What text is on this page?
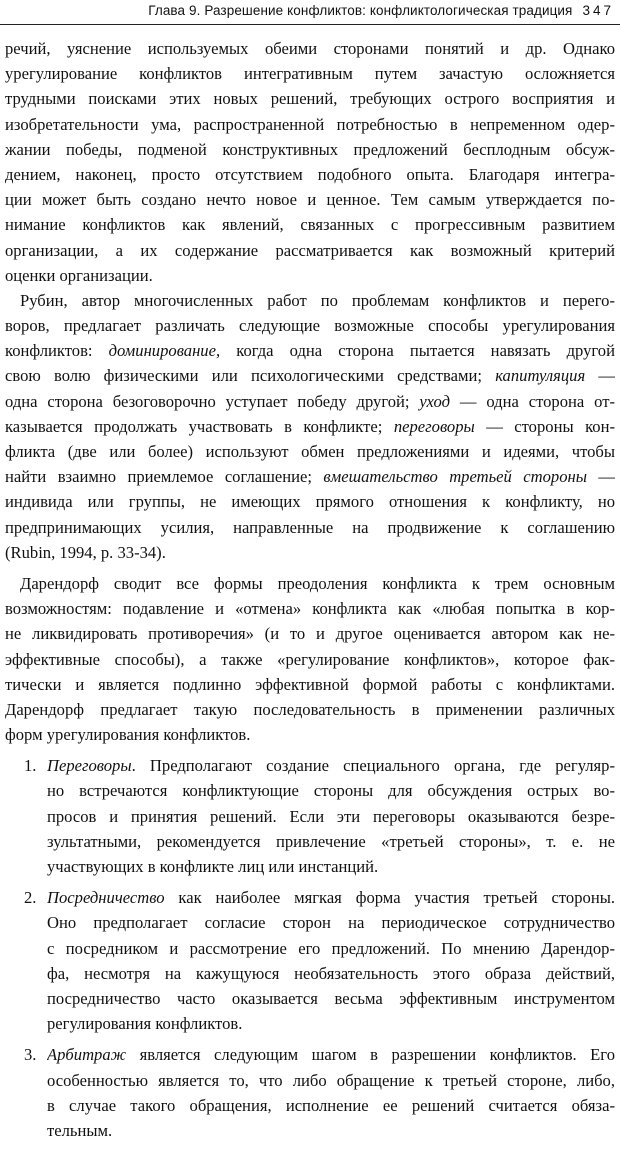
Глава 9. Разрешение конфликтов: конфликтологическая традиция 347
речий, уяснение используемых обеими сторонами понятий и др. Однако
урегулирование конфликтов интегративным путем зачастую осложняется
трудными поисками этих новых решений, требующих острого восприятия и
изобретательности ума, распространенной потребностью в непременном одер-
жании победы, подменой конструктивных предложений бесплодным обсуж-
дением, наконец, просто отсутствием подобного опыта. Благодаря интегра-
ции может быть создано нечто новое и ценное. Тем самым утверждается по-
нимание конфликтов как явлений, связанных с прогрессивным развитием
организации, а их содержание рассматривается как возможный критерий
оценки организации.
Рубин, автор многочисленных работ по проблемам конфликтов и перего-
воров, предлагает различать следующие возможные способы урегулирования
конфликтов: доминирование, когда одна сторона пытается навязать другой
свою волю физическими или психологическими средствами; капитуляция —
одна сторона безоговорочно уступает победу другой; уход — одна сторона от-
казывается продолжать участвовать в конфликте; переговоры — стороны кон-
фликта (две или более) используют обмен предложениями и идеями, чтобы
найти взаимно приемлемое соглашение; вмешательство третьей стороны —
индивида или группы, не имеющих прямого отношения к конфликту, но
предпринимающих усилия, направленные на продвижение к соглашению
(Rubin, 1994, p. 33-34).
Дарендорф сводит все формы преодоления конфликта к трем основным
возможностям: подавление и «отмена» конфликта как «любая попытка в кор-
не ликвидировать противоречия» (и то и другое оценивается автором как не-
эффективные способы), а также «регулирование конфликтов», которое фак-
тически и является подлинно эффективной формой работы с конфликтами.
Дарендорф предлагает такую последовательность в применении различных
форм урегулирования конфликтов.
1. Переговоры. Предполагают создание специального органа, где регуляр-
но встречаются конфликтующие стороны для обсуждения острых во-
просов и принятия решений. Если эти переговоры оказываются безре-
зультатными, рекомендуется привлечение «третьей стороны», т. е. не
участвующих в конфликте лиц или инстанций.
2. Посредничество как наиболее мягкая форма участия третьей стороны.
Оно предполагает согласие сторон на периодическое сотрудничество
с посредником и рассмотрение его предложений. По мнению Дарендор-
фа, несмотря на кажущуюся необязательность этого образа действий,
посредничество часто оказывается весьма эффективным инструментом
регулирования конфликтов.
3. Арбитраж является следующим шагом в разрешении конфликтов. Его
особенностью является то, что либо обращение к третьей стороне, либо,
в случае такого обращения, исполнение ее решений считается обяза-
тельным.
